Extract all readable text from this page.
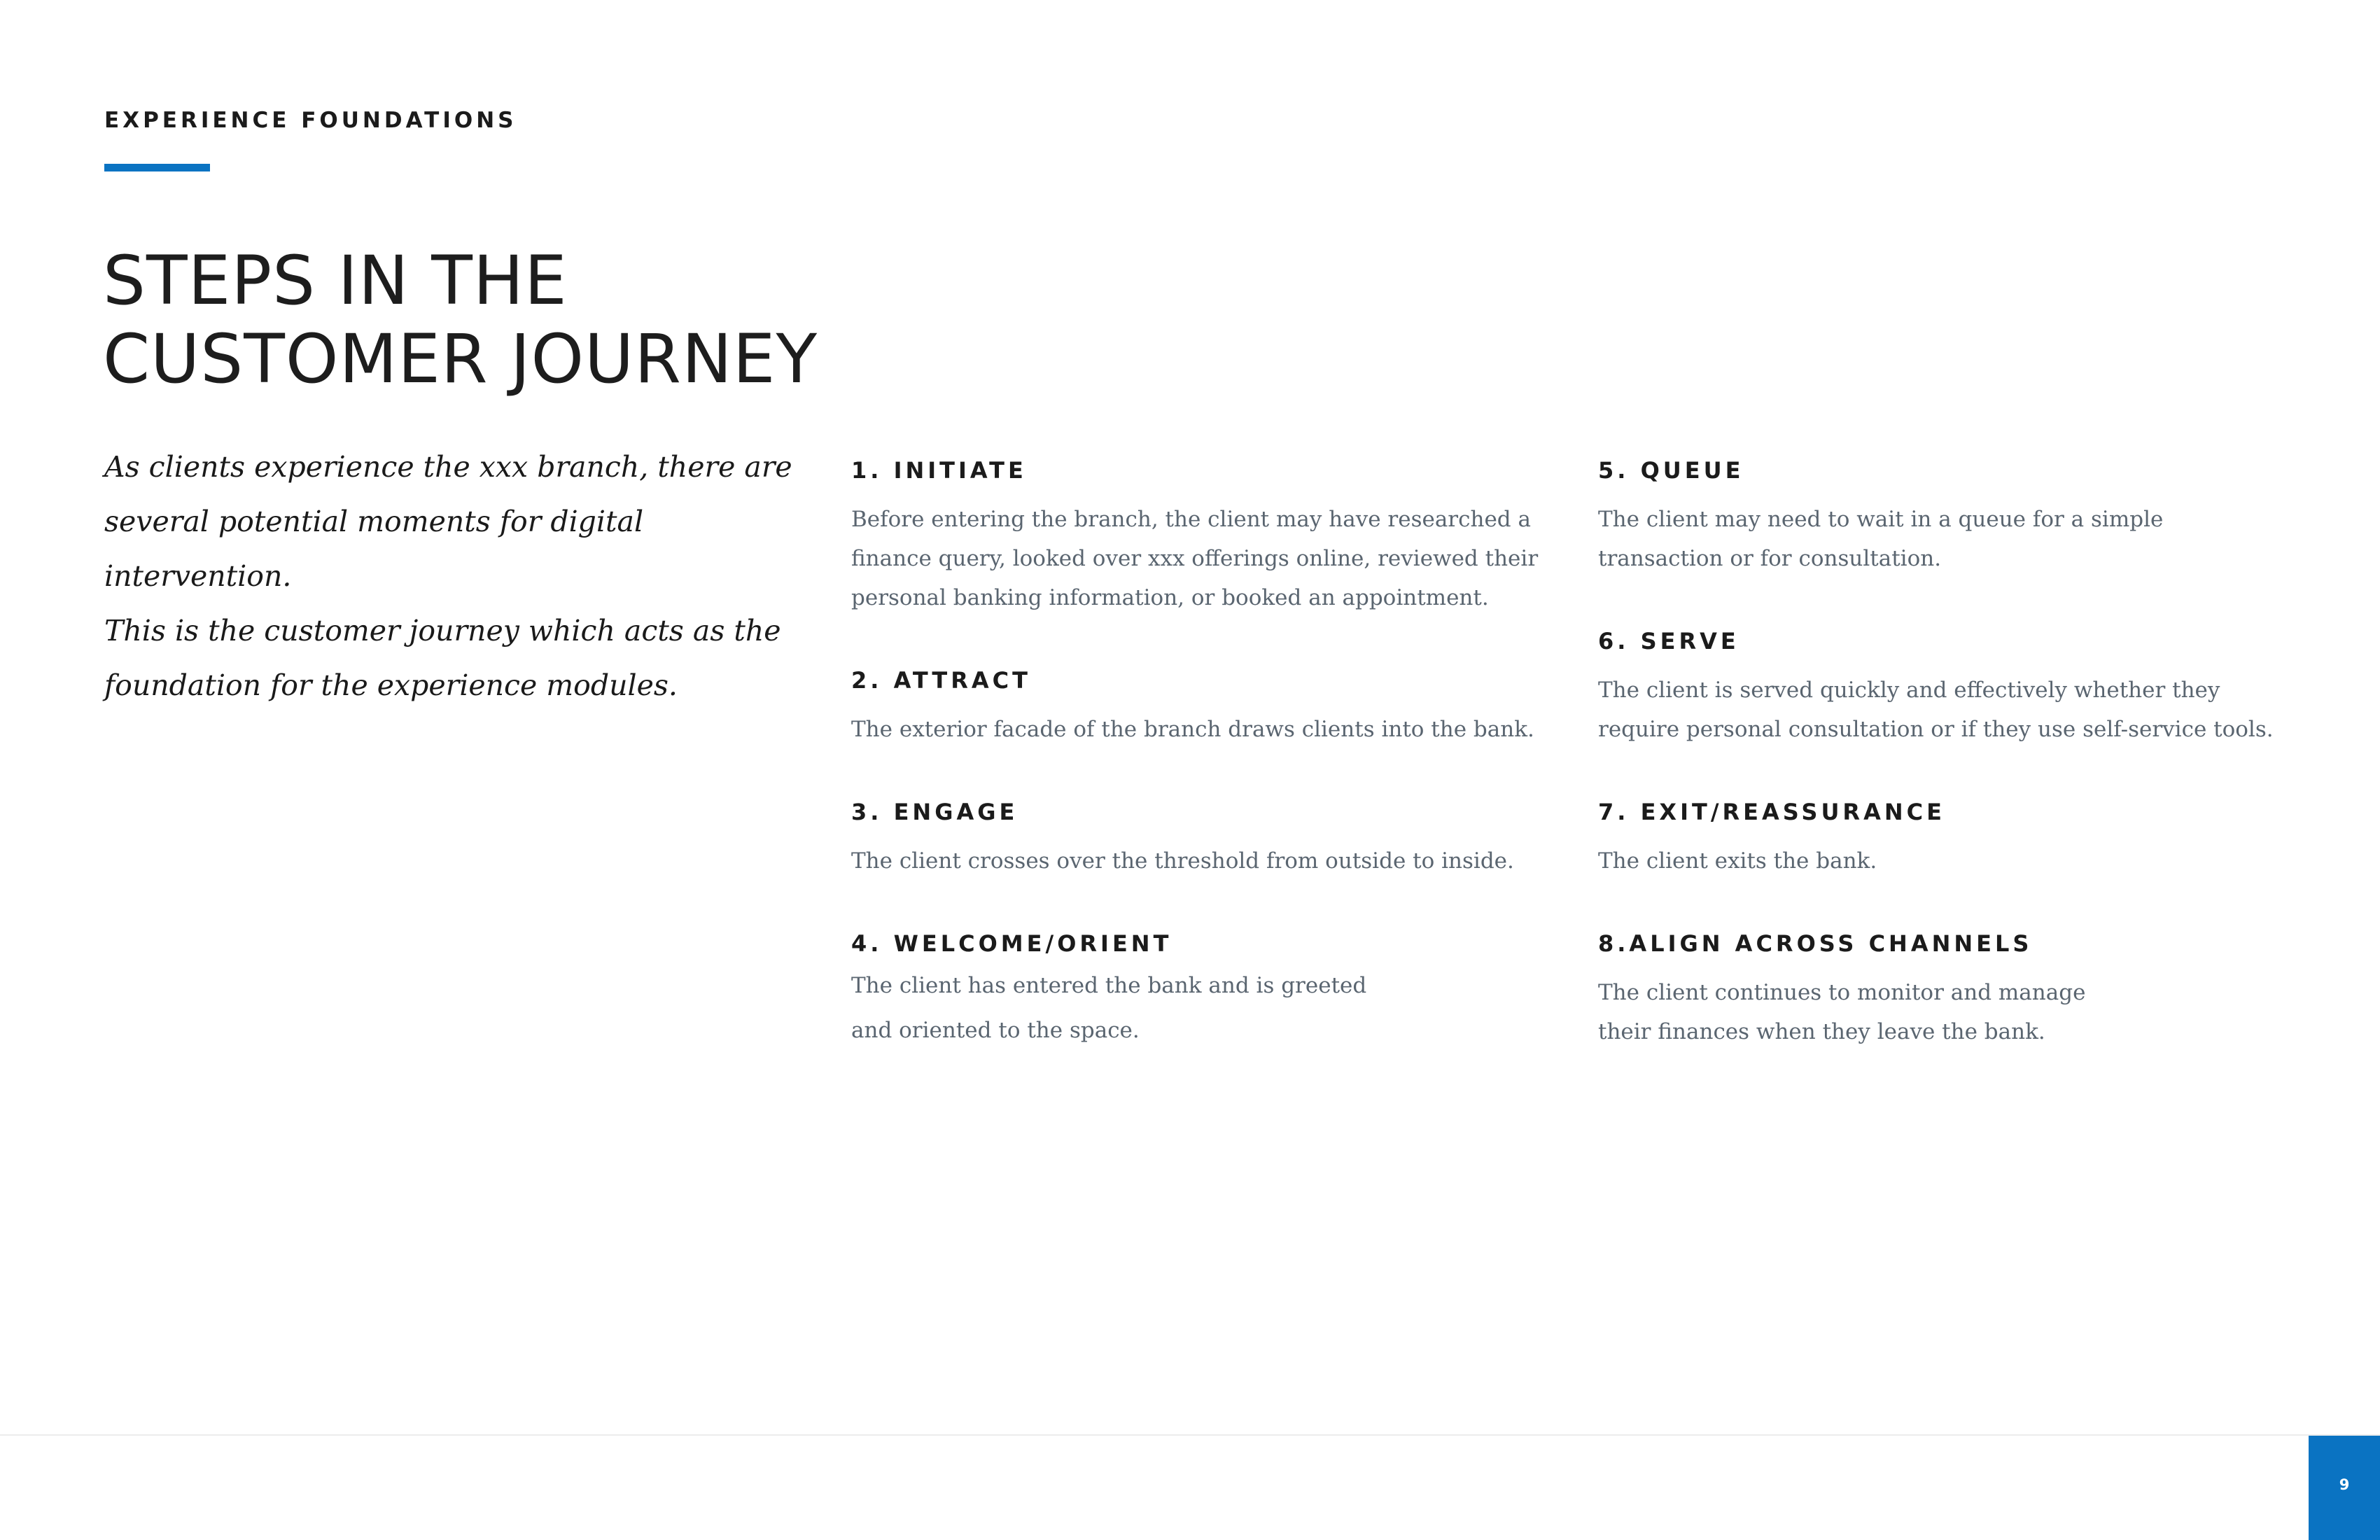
EXPERIENCE FOUNDATIONS
STEPS IN THE
CUSTOMER JOURNEY

As clients experience the xxx branch, there are
several potential moments for digital intervention.
This is the customer journey which acts as the
foundation for the experience modules.

1. INITIATE

Before entering the branch, the client may have researched a
finance query, looked over xxx offerings online, reviewed their
personal banking information, or booked an appointment.

2. ATTRACT

The exterior facade of the branch draws clients into the bank.

3. ENGAGE

The client crosses over the threshold from outside to inside.

4. WELCOME/ORIENT

The client has entered the bank and is greeted
and oriented to the space.

5. QUEUE

The client may need to wait in a queue for a simple
transaction or for consultation.

6. SERVE

The client is served quickly and effectively whether they
require personal consultation or if they use self-service tools.

7. EXIT/REASSURANCE

The client exits the bank.

8.ALIGN ACROSS CHANNELS

The client continues to monitor and manage
their finances when they leave the bank.

9
